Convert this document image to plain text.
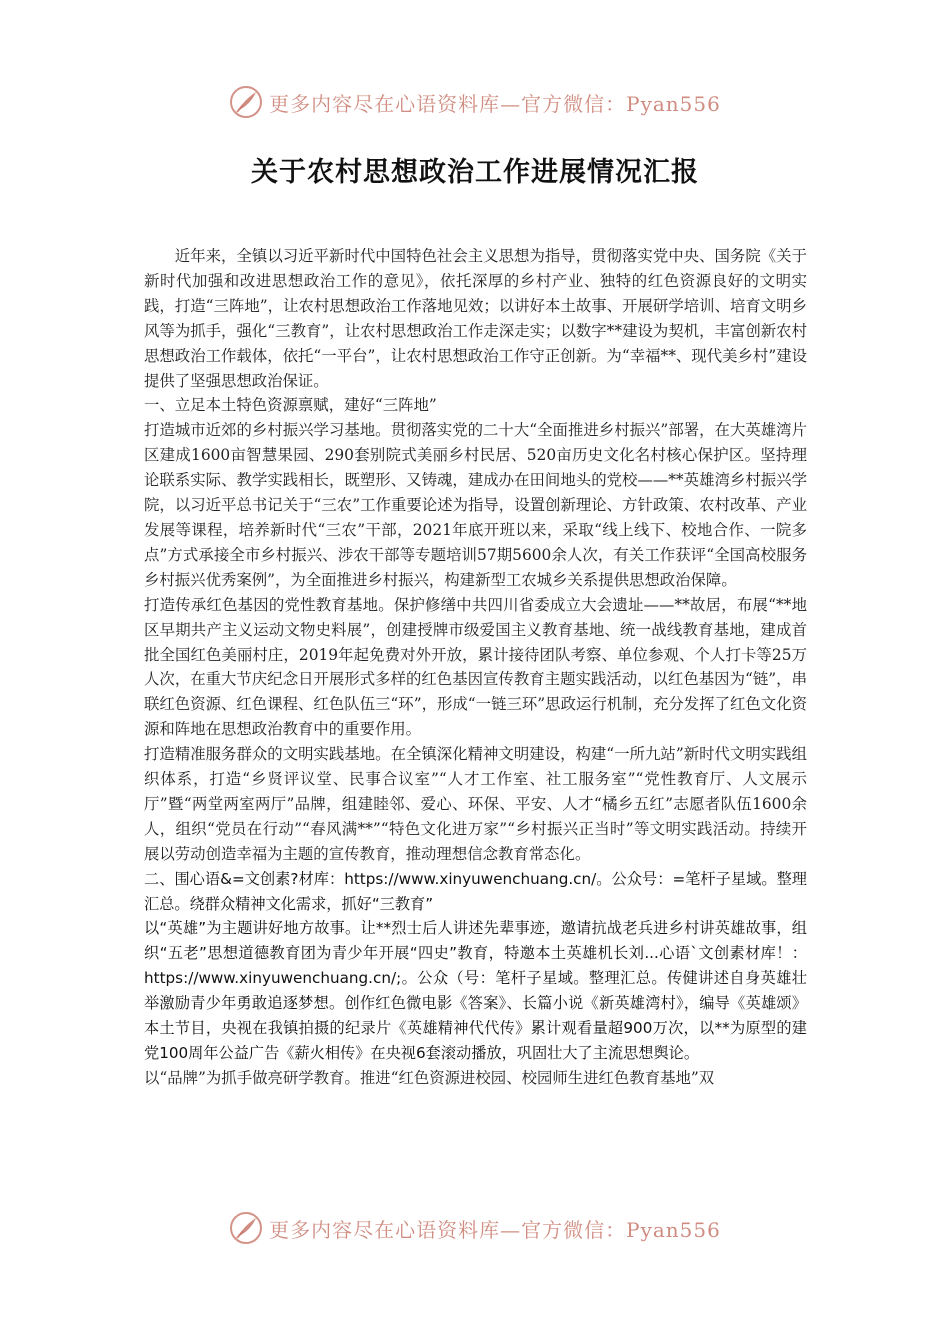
更多内容尽在心语资料库—官方微信：Pyan556
关于农村思想政治工作进展情况汇报

近年来，全镇以习近平新时代中国特色社会主义思想为指导，贯彻落实党中央、国务院《关于新时代加强和改进思想政治工作的意见》，依托深厚的乡村产业、独特的红色资源良好的文明实践，打造“三阵地”，让农村思想政治工作落地见效；以讲好本土故事、开展研学培训、培育文明乡风等为抓手，强化“三教育”，让农村思想政治工作走深走实；以数字**建设为契机，丰富创新农村思想政治工作载体，依托“一平台”，让农村思想政治工作守正创新。为“幸福**、现代美乡村”建设提供了坚强思想政治保证。

一、立足本土特色资源禀赋，建好“三阵地”

打造城市近郊的乡村振兴学习基地。贯彻落实党的二十大“全面推进乡村振兴”部署，在大英雄湾片区建成1600亩智慧果园、290套别院式美丽乡村民居、520亩历史文化名村核心保护区。坚持理论联系实际、教学实践相长，既塑形、又铸魂，建成办在田间地头的党校——**英雄湾乡村振兴学院，以习近平总书记关于“三农”工作重要论述为指导，设置创新理论、方针政策、农村改革、产业发展等课程，培养新时代“三农”干部，2021年底开班以来，采取“线上线下、校地合作、一院多点”方式承接全市乡村振兴、涉农干部等专题培训57期5600余人次，有关工作获评“全国高校服务乡村振兴优秀案例”，为全面推进乡村振兴，构建新型工农城乡关系提供思想政治保障。

打造传承红色基因的党性教育基地。保护修缮中共四川省委成立大会遗址——**故居，布展“**地区早期共产主义运动文物史料展”，创建授牌市级爱国主义教育基地、统一战线教育基地，建成首批全国红色美丽村庄，2019年起免费对外开放，累计接待团队考察、单位参观、个人打卡等25万人次，在重大节庆纪念日开展形式多样的红色基因宣传教育主题实践活动，以红色基因为“链”，串联红色资源、红色课程、红色队伍三“环”，形成“一链三环”思政运行机制，充分发挥了红色文化资源和阵地在思想政治教育中的重要作用。

打造精准服务群众的文明实践基地。在全镇深化精神文明建设，构建“一所九站”新时代文明实践组织体系，打造“乡贤评议堂、民事合议室”“人才工作室、社工服务室”“党性教育厅、人文展示厅”暨“两堂两室两厅”品牌，组建睦邻、爱心、环保、平安、人才“橘乡五红”志愿者队伍1600余人，组织“党员在行动”“春风满**”“特色文化进万家”“乡村振兴正当时”等文明实践活动。持续开展以劳动创造幸福为主题的宣传教育，推动理想信念教育常态化。

二、围心语&=文创素?材库：https://www.xinyuwenchuang.cn/。公众号：=笔杆子星域。整理汇总。绕群众精神文化需求，抓好“三教育”

以“英雄”为主题讲好地方故事。让**烈士后人讲述先辈事迹，邀请抗战老兵进乡村讲英雄故事，组织“五老”思想道德教育团为青少年开展“四史”教育，特邀本土英雄机长刘...心语`文创素材库！：https://www.xinyuwenchuang.cn/;。公众（号：笔杆子星域。整理汇总。传健讲述自身英雄壮举激励青少年勇敢追逐梦想。创作红色微电影《答案》、长篇小说《新英雄湾村》，编导《英雄颂》本土节目，央视在我镇拍摄的纪录片《英雄精神代代传》累计观看量超900万次，以**为原型的建党100周年公益广告《薪火相传》在央视6套滚动播放，巩固壮大了主流思想舆论。

以“品牌”为抓手做亮研学教育。推进“红色资源进校园、校园师生进红色教育基地”双

更多内容尽在心语资料库—官方微信：Pyan556
